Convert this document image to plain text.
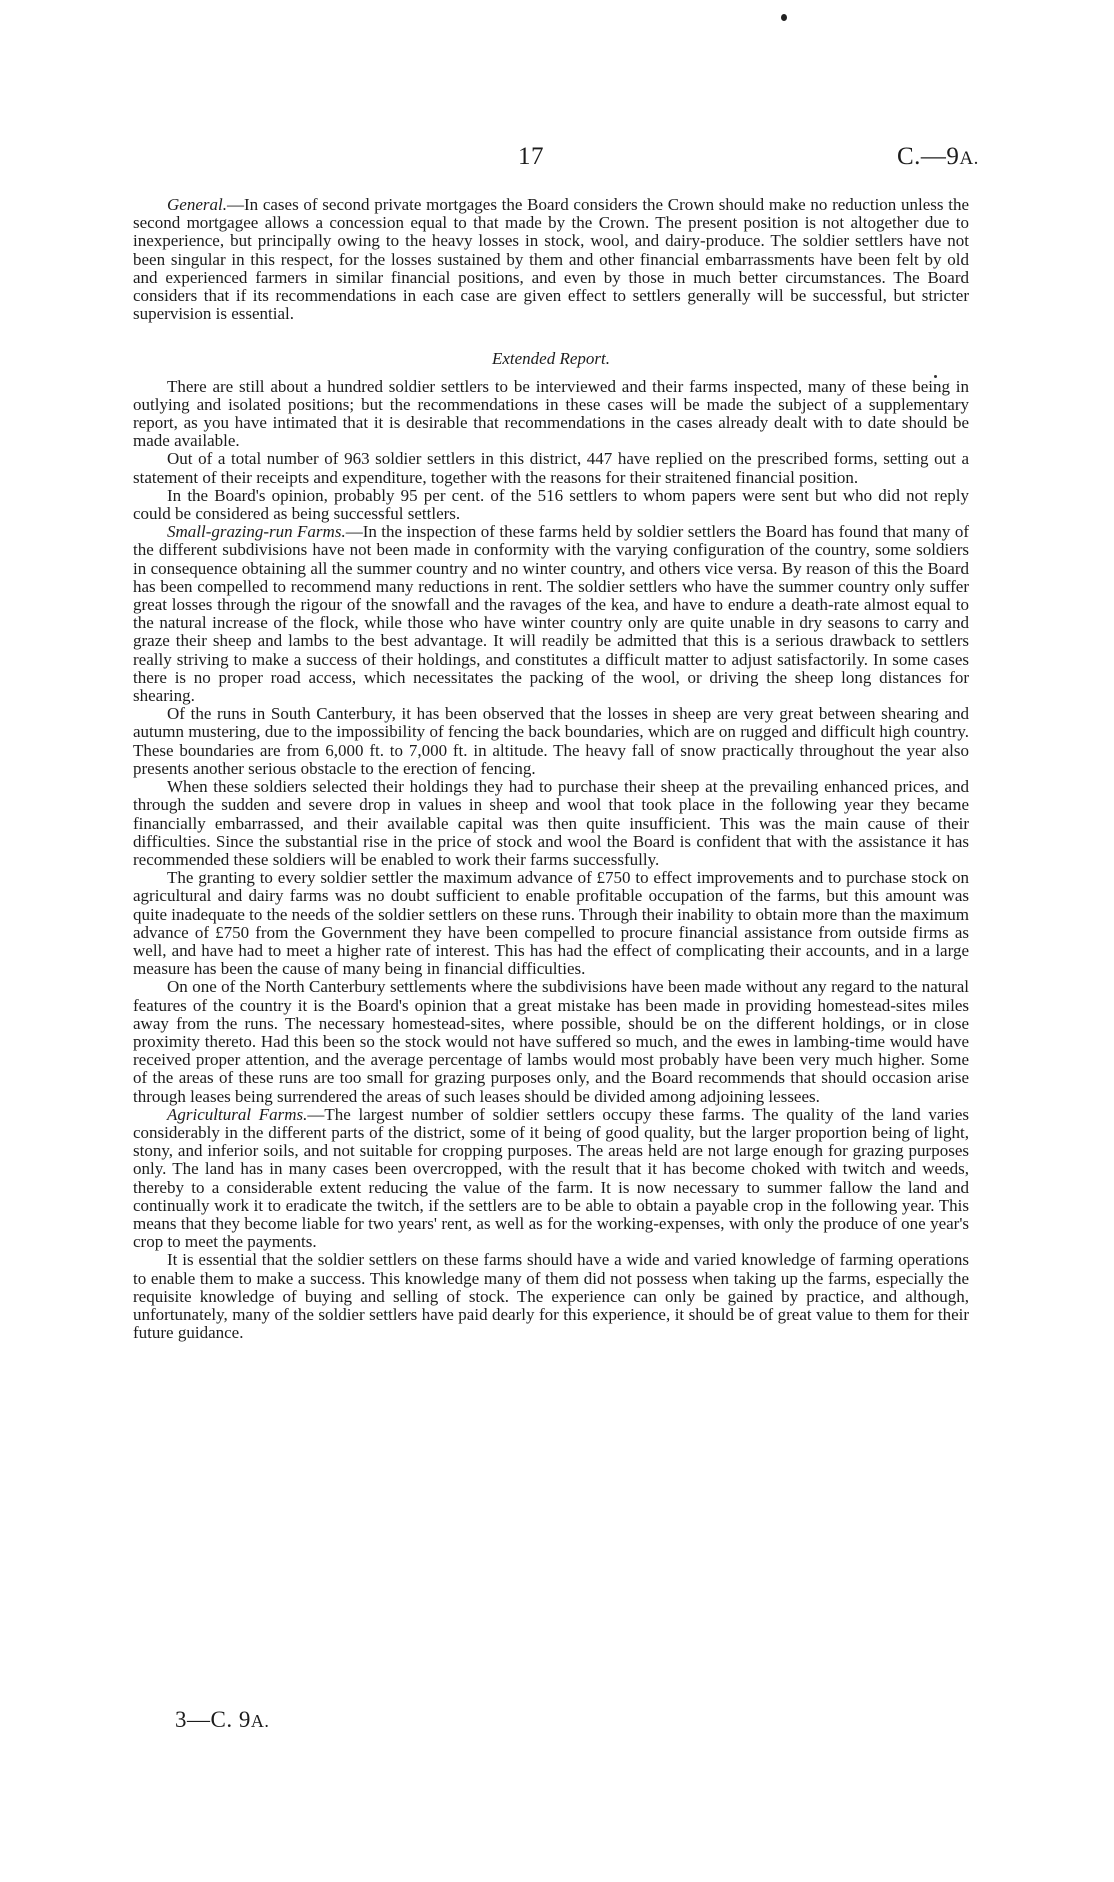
17	C.—9A.

General.—In cases of second private mortgages the Board considers the Crown should make no reduction unless the second mortgagee allows a concession equal to that made by the Crown. The present position is not altogether due to inexperience, but principally owing to the heavy losses in stock, wool, and dairy-produce. The soldier settlers have not been singular in this respect, for the losses sustained by them and other financial embarrassments have been felt by old and experienced farmers in similar financial positions, and even by those in much better circumstances. The Board considers that if its recommendations in each case are given effect to settlers generally will be successful, but stricter supervision is essential.

Extended Report.

There are still about a hundred soldier settlers to be interviewed and their farms inspected, many of these being in outlying and isolated positions; but the recommendations in these cases will be made the subject of a supplementary report, as you have intimated that it is desirable that recommendations in the cases already dealt with to date should be made available.

Out of a total number of 963 soldier settlers in this district, 447 have replied on the prescribed forms, setting out a statement of their receipts and expenditure, together with the reasons for their straitened financial position.

In the Board's opinion, probably 95 per cent. of the 516 settlers to whom papers were sent but who did not reply could be considered as being successful settlers.

Small-grazing-run Farms.—In the inspection of these farms held by soldier settlers the Board has found that many of the different subdivisions have not been made in conformity with the varying configuration of the country, some soldiers in consequence obtaining all the summer country and no winter country, and others vice versa. By reason of this the Board has been compelled to recommend many reductions in rent. The soldier settlers who have the summer country only suffer great losses through the rigour of the snowfall and the ravages of the kea, and have to endure a death-rate almost equal to the natural increase of the flock, while those who have winter country only are quite unable in dry seasons to carry and graze their sheep and lambs to the best advantage. It will readily be admitted that this is a serious drawback to settlers really striving to make a success of their holdings, and constitutes a difficult matter to adjust satisfactorily. In some cases there is no proper road access, which necessitates the packing of the wool, or driving the sheep long distances for shearing.

Of the runs in South Canterbury, it has been observed that the losses in sheep are very great between shearing and autumn mustering, due to the impossibility of fencing the back boundaries, which are on rugged and difficult high country. These boundaries are from 6,000 ft. to 7,000 ft. in altitude. The heavy fall of snow practically throughout the year also presents another serious obstacle to the erection of fencing.

When these soldiers selected their holdings they had to purchase their sheep at the prevailing enhanced prices, and through the sudden and severe drop in values in sheep and wool that took place in the following year they became financially embarrassed, and their available capital was then quite insufficient. This was the main cause of their difficulties. Since the substantial rise in the price of stock and wool the Board is confident that with the assistance it has recommended these soldiers will be enabled to work their farms successfully.

The granting to every soldier settler the maximum advance of £750 to effect improvements and to purchase stock on agricultural and dairy farms was no doubt sufficient to enable profitable occupation of the farms, but this amount was quite inadequate to the needs of the soldier settlers on these runs. Through their inability to obtain more than the maximum advance of £750 from the Government they have been compelled to procure financial assistance from outside firms as well, and have had to meet a higher rate of interest. This has had the effect of complicating their accounts, and in a large measure has been the cause of many being in financial difficulties.

On one of the North Canterbury settlements where the subdivisions have been made without any regard to the natural features of the country it is the Board's opinion that a great mistake has been made in providing homestead-sites miles away from the runs. The necessary homestead-sites, where possible, should be on the different holdings, or in close proximity thereto. Had this been so the stock would not have suffered so much, and the ewes in lambing-time would have received proper attention, and the average percentage of lambs would most probably have been very much higher. Some of the areas of these runs are too small for grazing purposes only, and the Board recommends that should occasion arise through leases being surrendered the areas of such leases should be divided among adjoining lessees.

Agricultural Farms.—The largest number of soldier settlers occupy these farms. The quality of the land varies considerably in the different parts of the district, some of it being of good quality, but the larger proportion being of light, stony, and inferior soils, and not suitable for cropping purposes. The areas held are not large enough for grazing purposes only. The land has in many cases been overcropped, with the result that it has become choked with twitch and weeds, thereby to a considerable extent reducing the value of the farm. It is now necessary to summer fallow the land and continually work it to eradicate the twitch, if the settlers are to be able to obtain a payable crop in the following year. This means that they become liable for two years' rent, as well as for the working-expenses, with only the produce of one year's crop to meet the payments.

It is essential that the soldier settlers on these farms should have a wide and varied knowledge of farming operations to enable them to make a success. This knowledge many of them did not possess when taking up the farms, especially the requisite knowledge of buying and selling of stock. The experience can only be gained by practice, and although, unfortunately, many of the soldier settlers have paid dearly for this experience, it should be of great value to them for their future guidance.

3—C. 9A.
